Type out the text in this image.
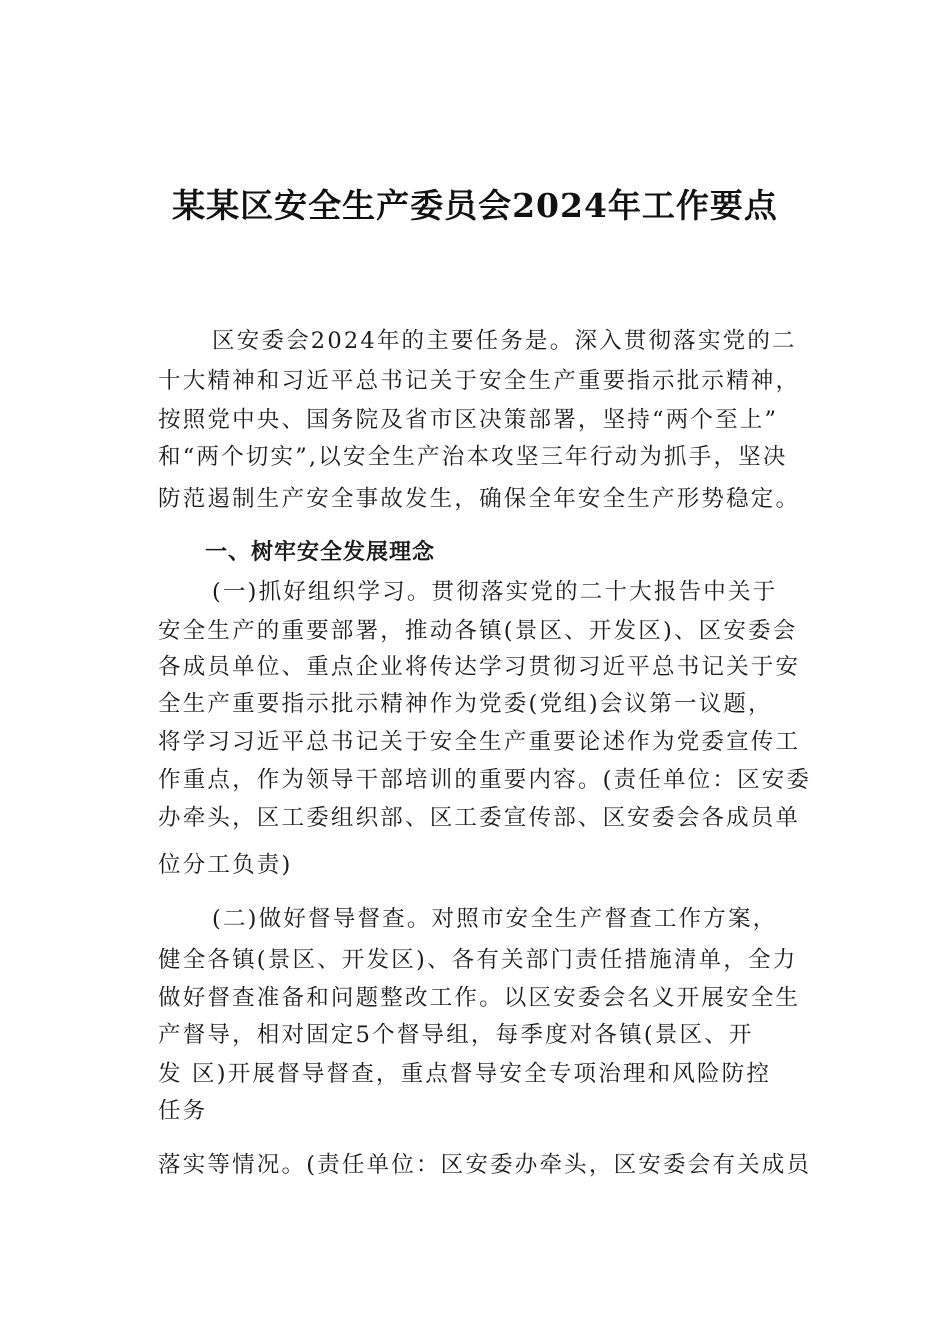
某某区安全生产委员会2024年工作要点
区安委会2024年的主要任务是。深入贯彻落实党的二
十大精神和习近平总书记关于安全生产重要指示批示精神，
按照党中央、国务院及省市区决策部署，坚持“两个至上”
和“两个切实”,以安全生产治本攻坚三年行动为抓手，坚决
防范遏制生产安全事故发生，确保全年安全生产形势稳定。
一、树牢安全发展理念
(一)抓好组织学习。贯彻落实党的二十大报告中关于
安全生产的重要部署，推动各镇(景区、开发区)、区安委会
各成员单位、重点企业将传达学习贯彻习近平总书记关于安
全生产重要指示批示精神作为党委(党组)会议第一议题，
将学习习近平总书记关于安全生产重要论述作为党委宣传工
作重点，作为领导干部培训的重要内容。(责任单位：区安委
办牵头，区工委组织部、区工委宣传部、区安委会各成员单
位分工负责)
(二)做好督导督查。对照市安全生产督查工作方案，
健全各镇(景区、开发区)、各有关部门责任措施清单，全力
做好督查准备和问题整改工作。以区安委会名义开展安全生
产督导，相对固定5个督导组，每季度对各镇(景区、开
发 区)开展督导督查，重点督导安全专项治理和风险防控
任务
落实等情况。(责任单位：区安委办牵头，区安委会有关成员
